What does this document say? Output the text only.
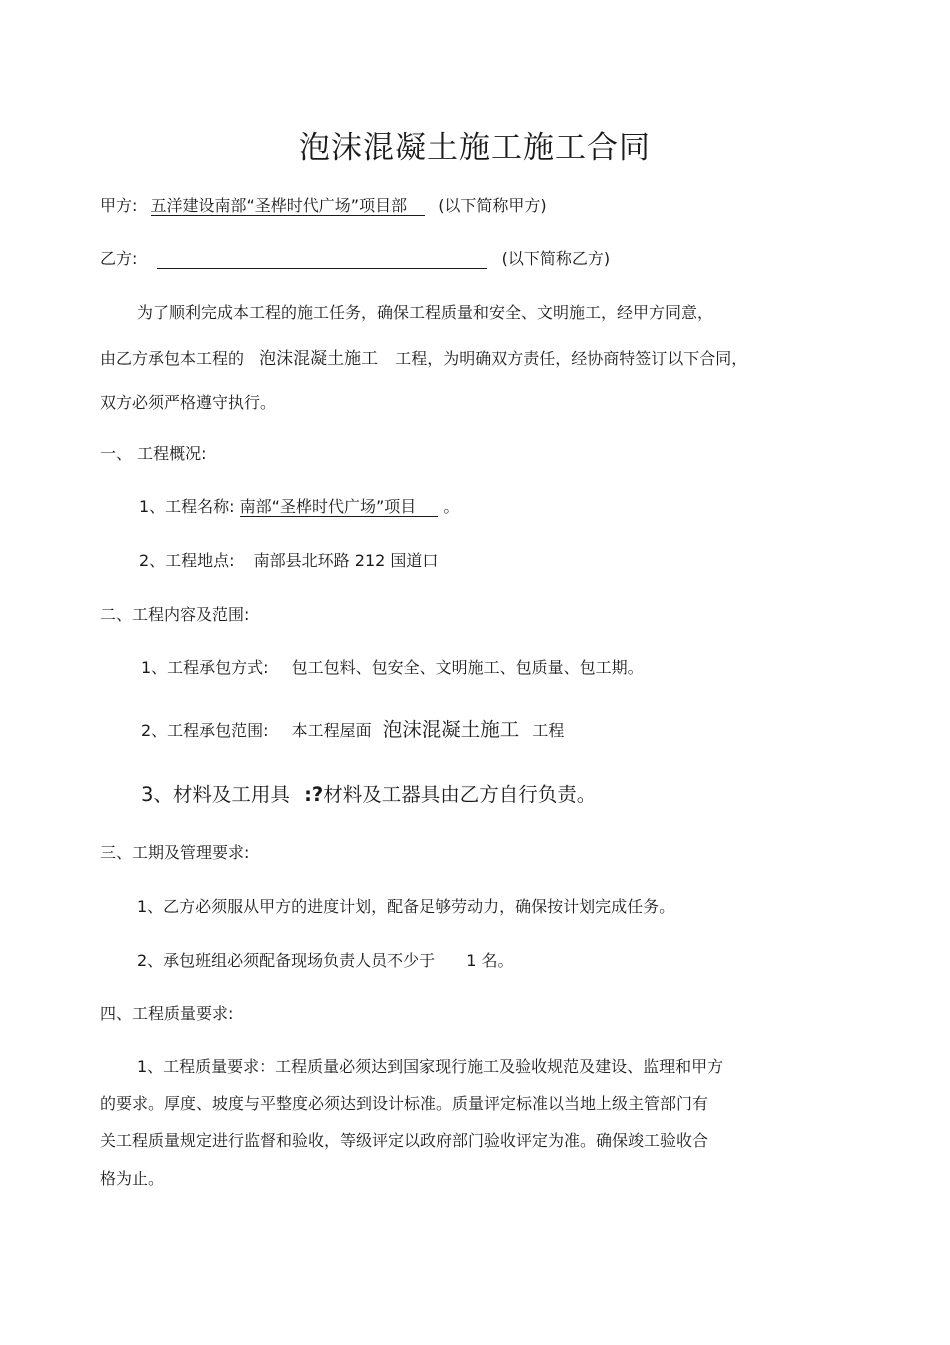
泡沫混凝土施工施工合同
甲方: 五洋建设南部“圣桦时代广场”项目部 (以下简称甲方)
乙方:	(以下简称乙方)
为了顺利完成本工程的施工任务，确保工程质量和安全、文明施工，经甲方同意，
由乙方承包本工程的 泡沫混凝土施工 工程，为明确双方责任，经协商特签订以下合同，
双方必须严格遵守执行。
一、 工程概况:
1、工程名称: 南部“圣桦时代广场”项目 。
2、工程地点: 南部县北环路 212 国道口
二、工程内容及范围:
1、工程承包方式: 包工包料、包安全、文明施工、包质量、包工期。
2、工程承包范围: 本工程屋面 泡沫混凝土施工 工程
3、材料及工用具 :?材料及工器具由乙方自行负责。
三、工期及管理要求:
1、乙方必须服从甲方的进度计划，配备足够劳动力，确保按计划完成任务。
2、承包班组必须配备现场负责人员不少于 1 名。
四、工程质量要求:
1、工程质量要求：工程质量必须达到国家现行施工及验收规范及建设、监理和甲方
的要求。厚度、坡度与平整度必须达到设计标准。质量评定标准以当地上级主管部门有
关工程质量规定进行监督和验收，等级评定以政府部门验收评定为准。确保竣工验收合
格为止。
